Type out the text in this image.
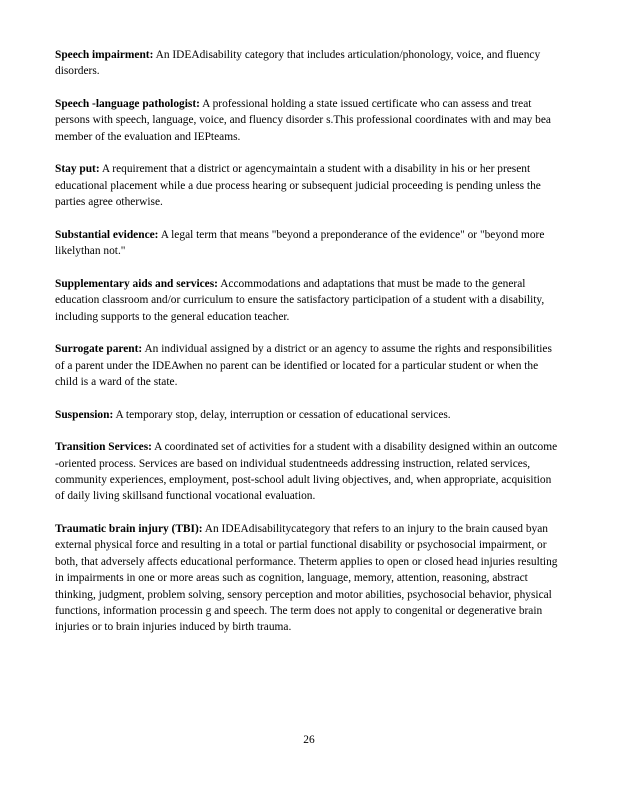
Speech impairment: An IDEAdisability category that includes articulation/phonology, voice, and fluency disorders.

Speech -language pathologist: A professional holding a state issued certificate who can assess and treat persons with speech, language, voice, and fluency disorder s.This professional coordinates with and may bea member of the evaluation and IEPteams.

Stay put: A requirement that a district or agencymaintain a student with a disability in his or her present educational placement while a due process hearing or subsequent judicial proceeding is pending unless the parties agree otherwise.

Substantial evidence: A legal term that means "beyond a preponderance of the evidence" or "beyond more likelythan not."

Supplementary aids and services: Accommodations and adaptations that must be made to the general education classroom and/or curriculum to ensure the satisfactory participation of a student with a disability, including supports to the general education teacher.

Surrogate parent: An individual assigned by a district or an agency to assume the rights and responsibilities of a parent under the IDEAwhen no parent can be identified or located for a particular student or when the child is a ward of the state.

Suspension: A temporary stop, delay, interruption or cessation of educational services.

Transition Services: A coordinated set of activities for a student with a disability designed within an outcome -oriented process. Services are based on individual studentneeds addressing instruction, related services, community experiences, employment, post-school adult living objectives, and, when appropriate, acquisition of daily living skillsand functional vocational evaluation.

Traumatic brain injury (TBI): An IDEAdisabilitycategory that refers to an injury to the brain caused byan external physical force and resulting in a total or partial functional disability or psychosocial impairment, or both, that adversely affects educational performance. Theterm applies to open or closed head injuries resulting in impairments in one or more areas such as cognition, language, memory, attention, reasoning, abstract thinking, judgment, problem solving, sensory perception and motor abilities, psychosocial behavior, physical functions, information processin g and speech. The term does not apply to congenital or degenerative brain injuries or to brain injuries induced by birth trauma.

26
